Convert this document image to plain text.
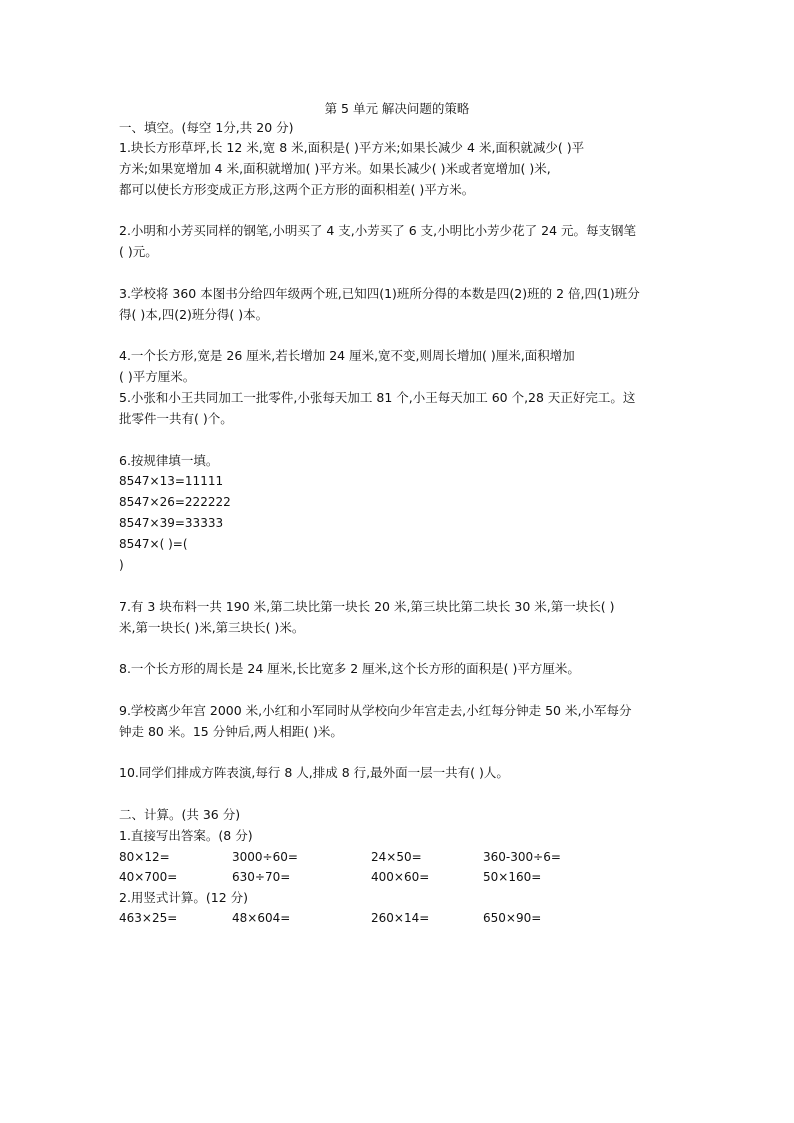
第 5 单元 解决问题的策略
一、填空。(每空 1分,共 20 分)
1.块长方形草坪,长 12 米,宽 8 米,面积是( )平方米;如果长减少 4 米,面积就减少( )平
方米;如果宽增加 4 米,面积就增加( )平方米。如果长减少( )米或者宽增加( )米,
都可以使长方形变成正方形,这两个正方形的面积相差( )平方米。
2.小明和小芳买同样的钢笔,小明买了 4 支,小芳买了 6 支,小明比小芳少花了 24 元。每支钢笔
( )元。
3.学校将 360 本图书分给四年级两个班,已知四(1)班所分得的本数是四(2)班的 2 倍,四(1)班分
得( )本,四(2)班分得( )本。
4.一个长方形,宽是 26 厘米,若长增加 24 厘米,宽不变,则周长增加( )厘米,面积增加
( )平方厘米。
5.小张和小王共同加工一批零件,小张每天加工 81 个,小王每天加工 60 个,28 天正好完工。这
批零件一共有( )个。
6.按规律填一填。
8547×13=11111
8547×26=222222
8547×39=33333
8547×( )=(
)
7.有 3 块布料一共 190 米,第二块比第一块长 20 米,第三块比第二块长 30 米,第一块长( )
米,第一块长( )米,第三块长( )米。
8.一个长方形的周长是 24 厘米,长比宽多 2 厘米,这个长方形的面积是( )平方厘米。
9.学校离少年宫 2000 米,小红和小军同时从学校向少年宫走去,小红每分钟走 50 米,小军每分
钟走 80 米。15 分钟后,两人相距( )米。
10.同学们排成方阵表演,每行 8 人,排成 8 行,最外面一层一共有( )人。
二、计算。(共 36 分)
1.直接写出答案。(8 分)
80×12=	3000÷60=	24×50=	360-300÷6=
40×700=	630÷70=	400×60=	50×160=
2.用竖式计算。(12 分)
463×25=	48×604=	260×14=	650×90=
